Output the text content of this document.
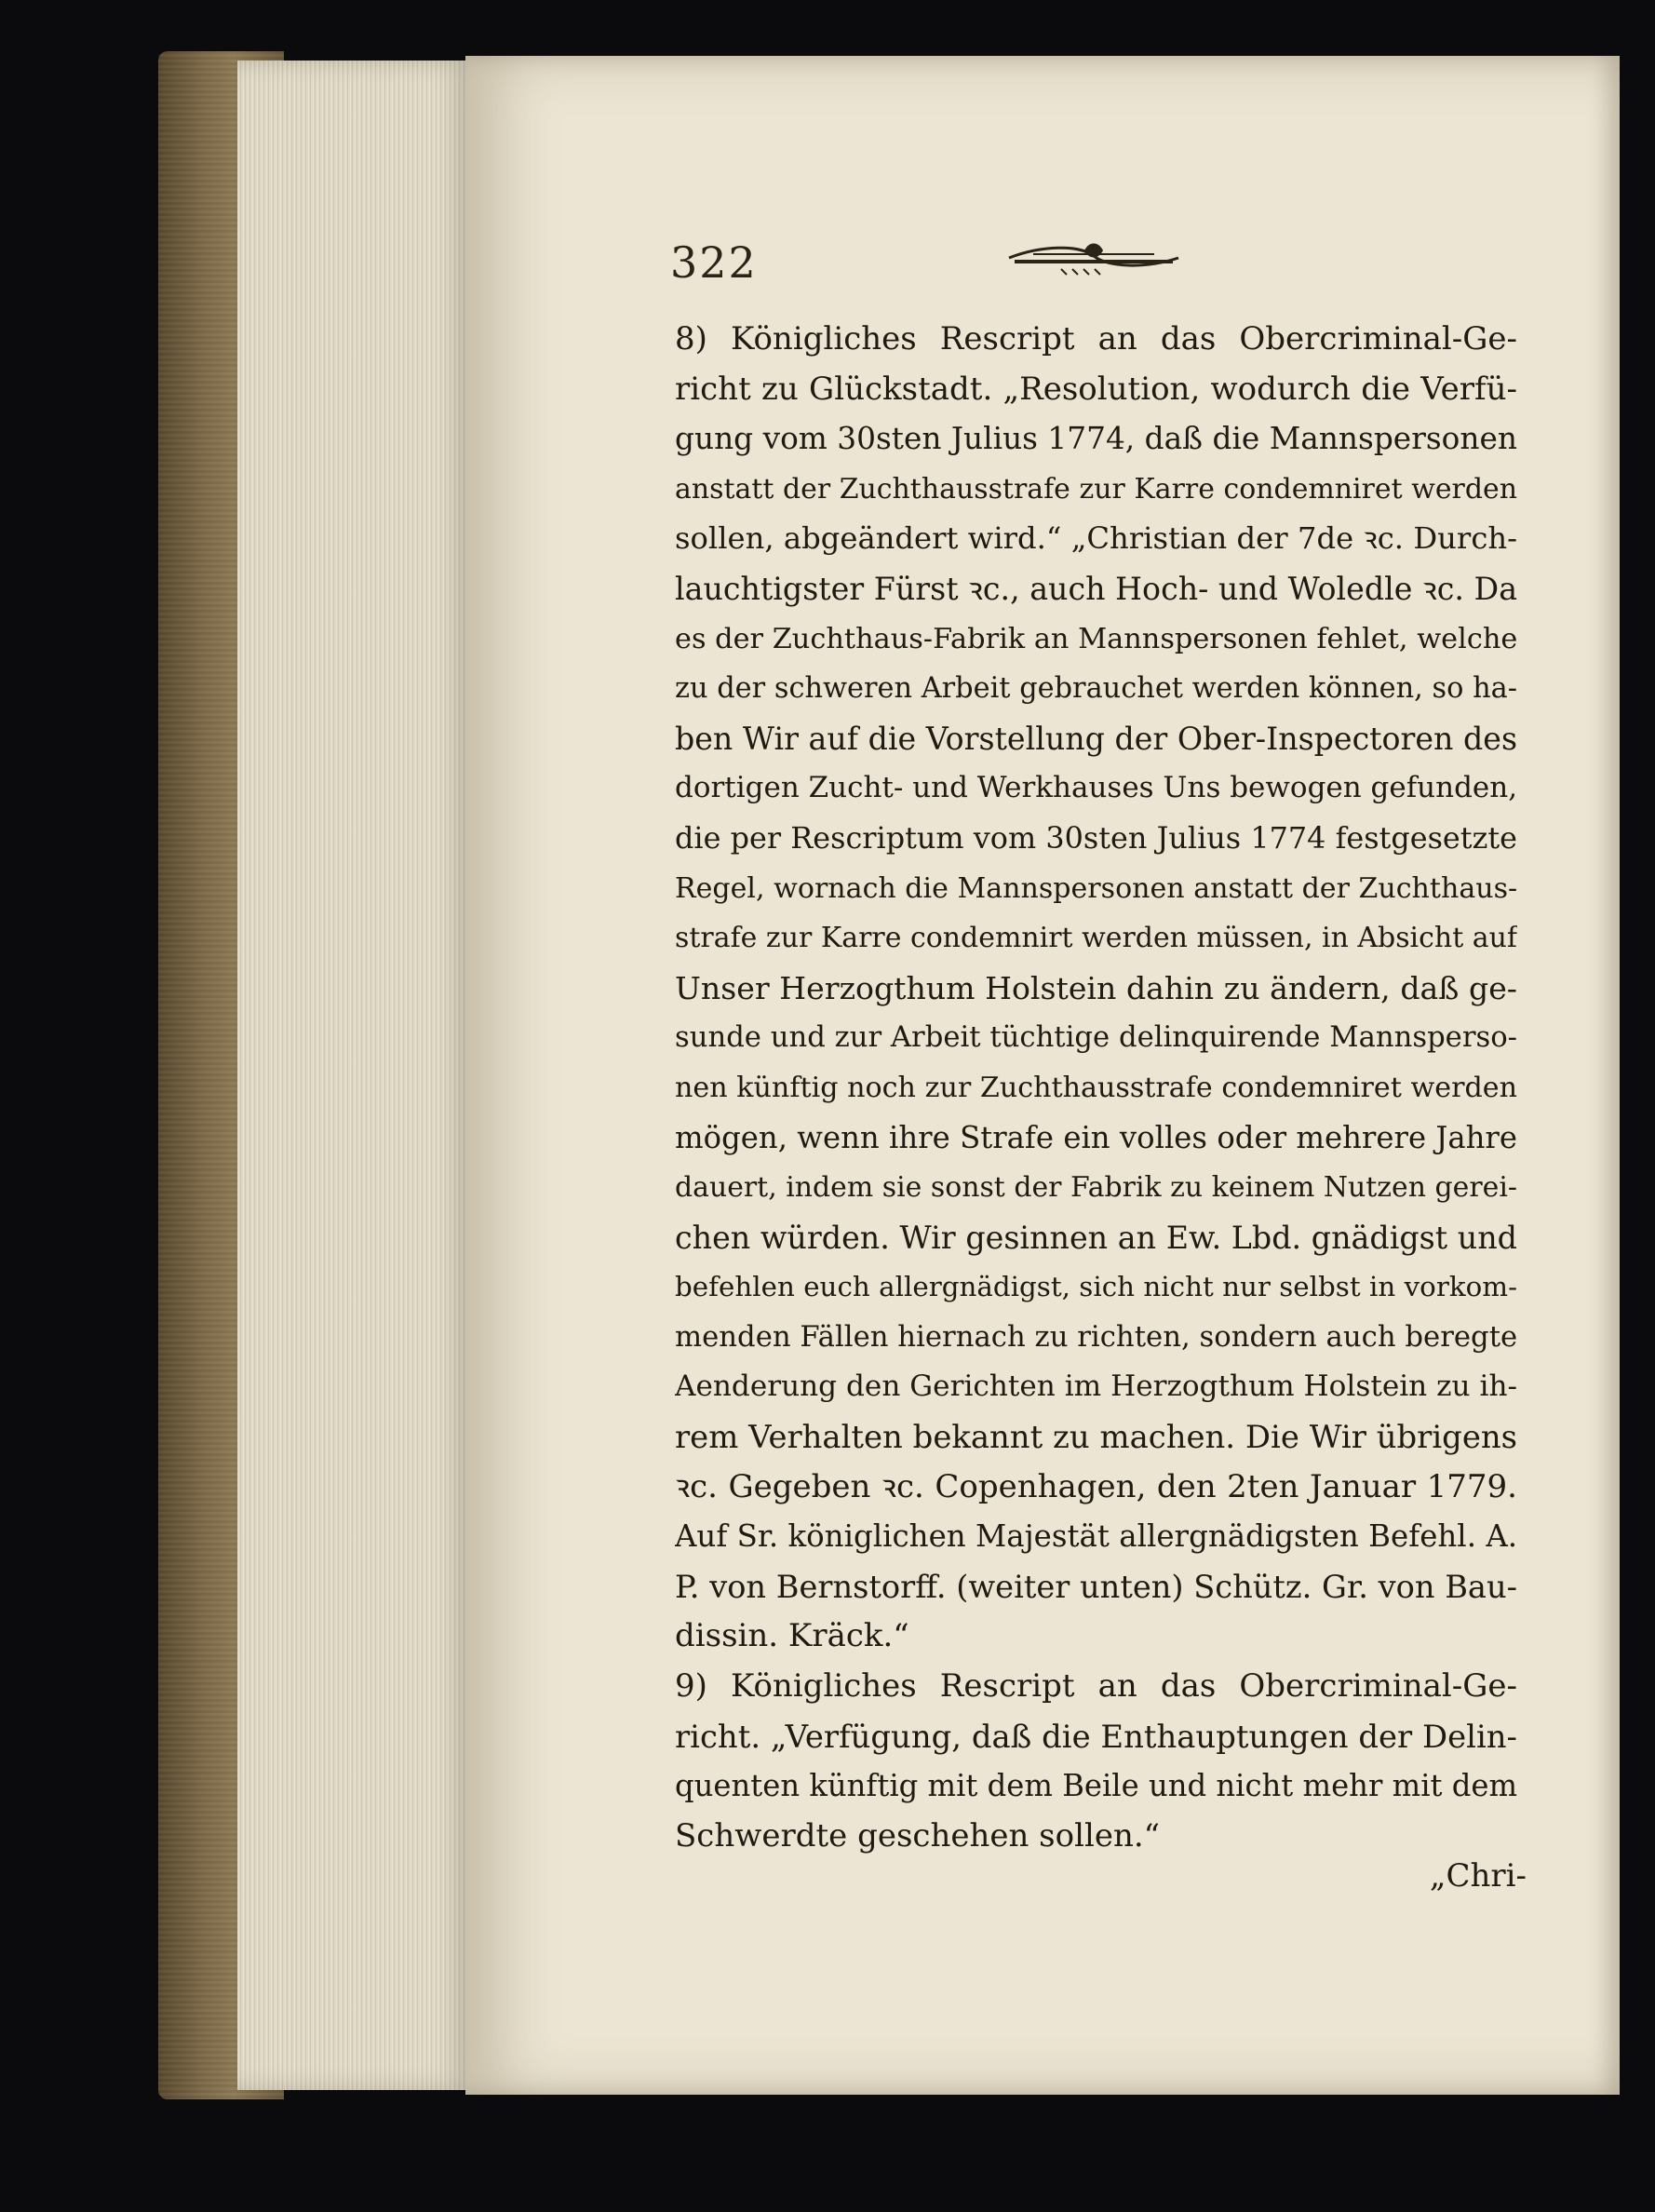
322
8) Königliches Rescript an das Obercriminal-Ge-
richt zu Glückstadt. „Resolution, wodurch die Verfü-
gung vom 30sten Julius 1774, daß die Mannspersonen
anstatt der Zuchthausstrafe zur Karre condemniret werden
sollen, abgeändert wird.“ „Christian der 7de ꝛc. Durch-
lauchtigster Fürst ꝛc., auch Hoch- und Woledle ꝛc. Da
es der Zuchthaus-Fabrik an Mannspersonen fehlet, welche
zu der schweren Arbeit gebrauchet werden können, so ha-
ben Wir auf die Vorstellung der Ober-Inspectoren des
dortigen Zucht- und Werkhauses Uns bewogen gefunden,
die per Rescriptum vom 30sten Julius 1774 festgesetzte
Regel, wornach die Mannspersonen anstatt der Zuchthaus-
strafe zur Karre condemnirt werden müssen, in Absicht auf
Unser Herzogthum Holstein dahin zu ändern, daß ge-
sunde und zur Arbeit tüchtige delinquirende Mannsperso-
nen künftig noch zur Zuchthausstrafe condemniret werden
mögen, wenn ihre Strafe ein volles oder mehrere Jahre
dauert, indem sie sonst der Fabrik zu keinem Nutzen gerei-
chen würden. Wir gesinnen an Ew. Lbd. gnädigst und
befehlen euch allergnädigst, sich nicht nur selbst in vorkom-
menden Fällen hiernach zu richten, sondern auch beregte
Aenderung den Gerichten im Herzogthum Holstein zu ih-
rem Verhalten bekannt zu machen. Die Wir übrigens
ꝛc. Gegeben ꝛc. Copenhagen, den 2ten Januar 1779.
Auf Sr. königlichen Majestät allergnädigsten Befehl. A.
P. von Bernstorff. (weiter unten) Schütz. Gr. von Bau-
dissin. Kräck.“
9) Königliches Rescript an das Obercriminal-Ge-
richt. „Verfügung, daß die Enthauptungen der Delin-
quenten künftig mit dem Beile und nicht mehr mit dem
Schwerdte geschehen sollen.“
„Chri-
